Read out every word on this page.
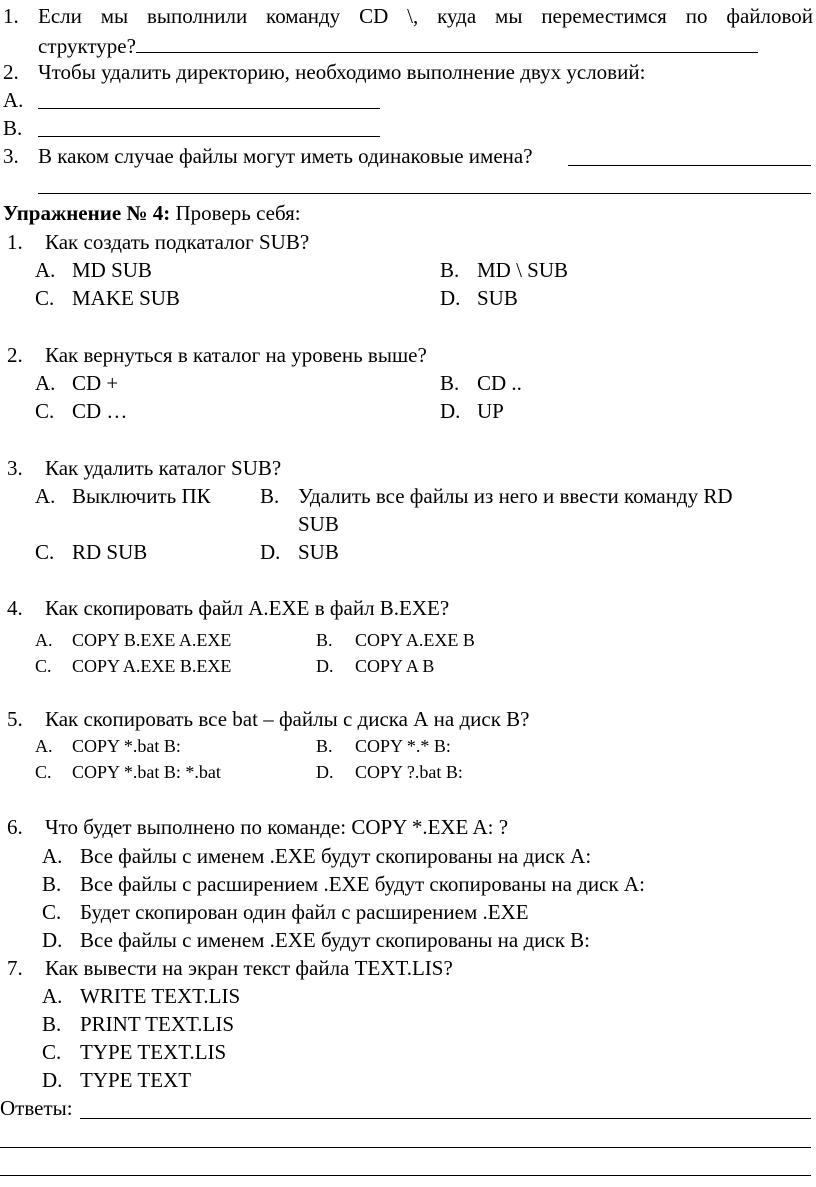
1. Если мы выполнили команду CD \, куда мы переместимся по файловой
структуре?
2. Чтобы удалить директорию, необходимо выполнение двух условий:
А.
В.
3. В каком случае файлы могут иметь одинаковые имена?
Упражнение № 4: Проверь себя:
1. Как создать подкаталог SUB?
A. MD SUB	B. MD \ SUB
C. MAKE SUB	D. SUB
2. Как вернуться в каталог на уровень выше?
A. CD +	B. CD ..
C. CD …	D. UP
3. Как удалить каталог SUB?
A. Выключить ПК B. Удалить все файлы из него и ввести команду RD
SUB
C. RD SUB	D. SUB
4. Как скопировать файл А.EXE в файл B.EXE?
A. COPY B.EXE A.EXE	B. COPY A.EXE B
C. COPY A.EXE B.EXE	D. COPY A B
5. Как скопировать все bat – файлы с диска А на диск В?
A. COPY *.bat B:	B. COPY *.* B:
C. COPY *.bat B: *.bat	D. COPY ?.bat B:
6. Что будет выполнено по команде: COPY *.EXE A: ?
A. Все файлы с именем .EXE будут скопированы на диск А:
B. Все файлы с расширением .EXE будут скопированы на диск А:
C. Будет скопирован один файл с расширением .EXE
D. Все файлы с именем .EXE будут скопированы на диск В:
7. Как вывести на экран текст файла TEXT.LIS?
A. WRITE TEXT.LIS
B. PRINT TEXT.LIS
C. TYPE TEXT.LIS
D. TYPE TEXT
Ответы:
